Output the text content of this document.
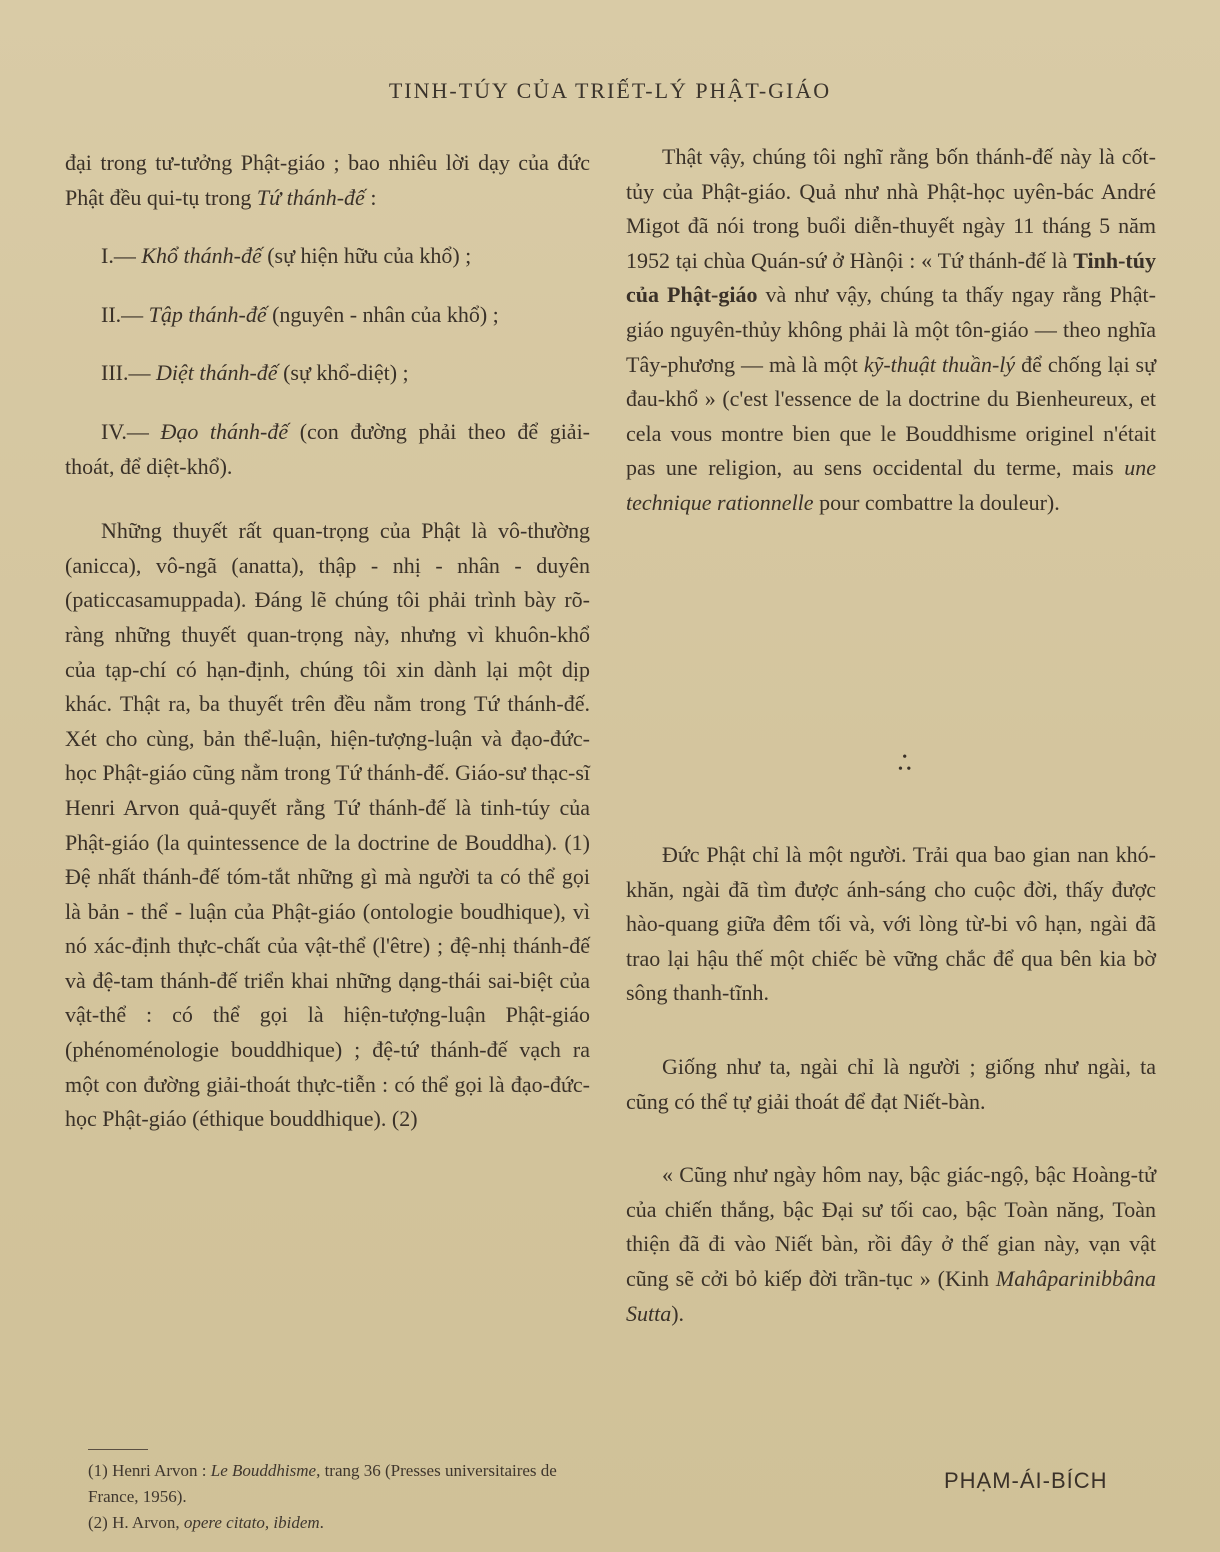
TINH-TÚY CỦA TRIẾT-LÝ PHẬT-GIÁO

đại trong tư-tưởng Phật-giáo ; bao nhiêu lời dạy của đức Phật đều qui-tụ trong Tứ thánh-đế :

I.— Khổ thánh-đế (sự hiện hữu của khổ) ;

II.— Tập thánh-đế (nguyên - nhân của khổ) ;

III.— Diệt thánh-đế (sự khổ-diệt) ;

IV.— Đạo thánh-đế (con đường phải theo để giải-thoát, để diệt-khổ).

Những thuyết rất quan-trọng của Phật là vô-thường (anicca), vô-ngã (anatta), thập - nhị - nhân - duyên (paticcasamuppada). Đáng lẽ chúng tôi phải trình bày rõ-ràng những thuyết quan-trọng này, nhưng vì khuôn-khổ của tạp-chí có hạn-định, chúng tôi xin dành lại một dịp khác. Thật ra, ba thuyết trên đều nằm trong Tứ thánh-đế. Xét cho cùng, bản thể-luận, hiện-tượng-luận và đạo-đức-học Phật-giáo cũng nằm trong Tứ thánh-đế. Giáo-sư thạc-sĩ Henri Arvon quả-quyết rằng Tứ thánh-đế là tinh-túy của Phật-giáo (la quintessence de la doctrine de Bouddha). (1) Đệ nhất thánh-đế tóm-tắt những gì mà người ta có thể gọi là bản - thể - luận của Phật-giáo (ontologie boudhique), vì nó xác-định thực-chất của vật-thể (l'être) ; đệ-nhị thánh-đế và đệ-tam thánh-đế triển khai những dạng-thái sai-biệt của vật-thể : có thể gọi là hiện-tượng-luận Phật-giáo (phénoménologie bouddhique) ; đệ-tứ thánh-đế vạch ra một con đường giải-thoát thực-tiễn : có thể gọi là đạo-đức-học Phật-giáo (éthique bouddhique). (2)

Thật vậy, chúng tôi nghĩ rằng bốn thánh-đế này là cốt-tủy của Phật-giáo. Quả như nhà Phật-học uyên-bác André Migot đã nói trong buổi diễn-thuyết ngày 11 tháng 5 năm 1952 tại chùa Quán-sứ ở Hànội : « Tứ thánh-đế là Tinh-túy của Phật-giáo và như vậy, chúng ta thấy ngay rằng Phật-giáo nguyên-thủy không phải là một tôn-giáo — theo nghĩa Tây-phương — mà là một kỹ-thuật thuần-lý để chống lại sự đau-khổ » (c'est l'essence de la doctrine du Bienheureux, et cela vous montre bien que le Bouddhisme originel n'était pas une religion, au sens occidental du terme, mais une technique rationnelle pour combattre la douleur).

•
• •

Đức Phật chỉ là một người. Trải qua bao gian nan khó-khăn, ngài đã tìm được ánh-sáng cho cuộc đời, thấy được hào-quang giữa đêm tối và, với lòng từ-bi vô hạn, ngài đã trao lại hậu thế một chiếc bè vững chắc để qua bên kia bờ sông thanh-tĩnh.

Giống như ta, ngài chỉ là người ; giống như ngài, ta cũng có thể tự giải thoát để đạt Niết-bàn.

« Cũng như ngày hôm nay, bậc giác-ngộ, bậc Hoàng-tử của chiến thắng, bậc Đại sư tối cao, bậc Toàn năng, Toàn thiện đã đi vào Niết bàn, rồi đây ở thế gian này, vạn vật cũng sẽ cởi bỏ kiếp đời trần-tục » (Kinh Mahâparinibbâna Sutta).

(1) Henri Arvon : Le Bouddhisme, trang 36 (Presses universitaires de France, 1956).
(2) H. Arvon, opere citato, ibidem.
PHẠM-ÁI-BÍCH
